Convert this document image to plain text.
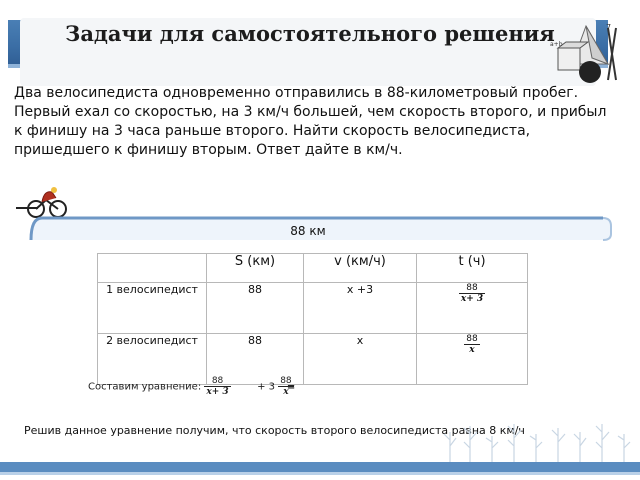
Задачи для самостоятельного решения	7
a+b
Два велосипедиста одновременно отправились в 88-километровый пробег. Первый ехал со скоростью, на 3 км/ч большей, чем скорость второго, и прибыл к финишу на 3 часа раньше второго. Найти скорость велосипедиста, пришедшего к финишу вторым. Ответ дайте в км/ч.
88 км
	S (км)	v (км/ч)	t (ч)
1 велосипедист	88	x +3	$\frac{88}{x+ 3}$

2 велосипедист	88	x	$\frac{88}{x}$
Составим уравнение: $\frac{88}{x+ 3}$	+ $3 \frac{88}{x}$
=
Решив данное уравнение получим, что скорость второго велосипедиста равна 8 км/ч
